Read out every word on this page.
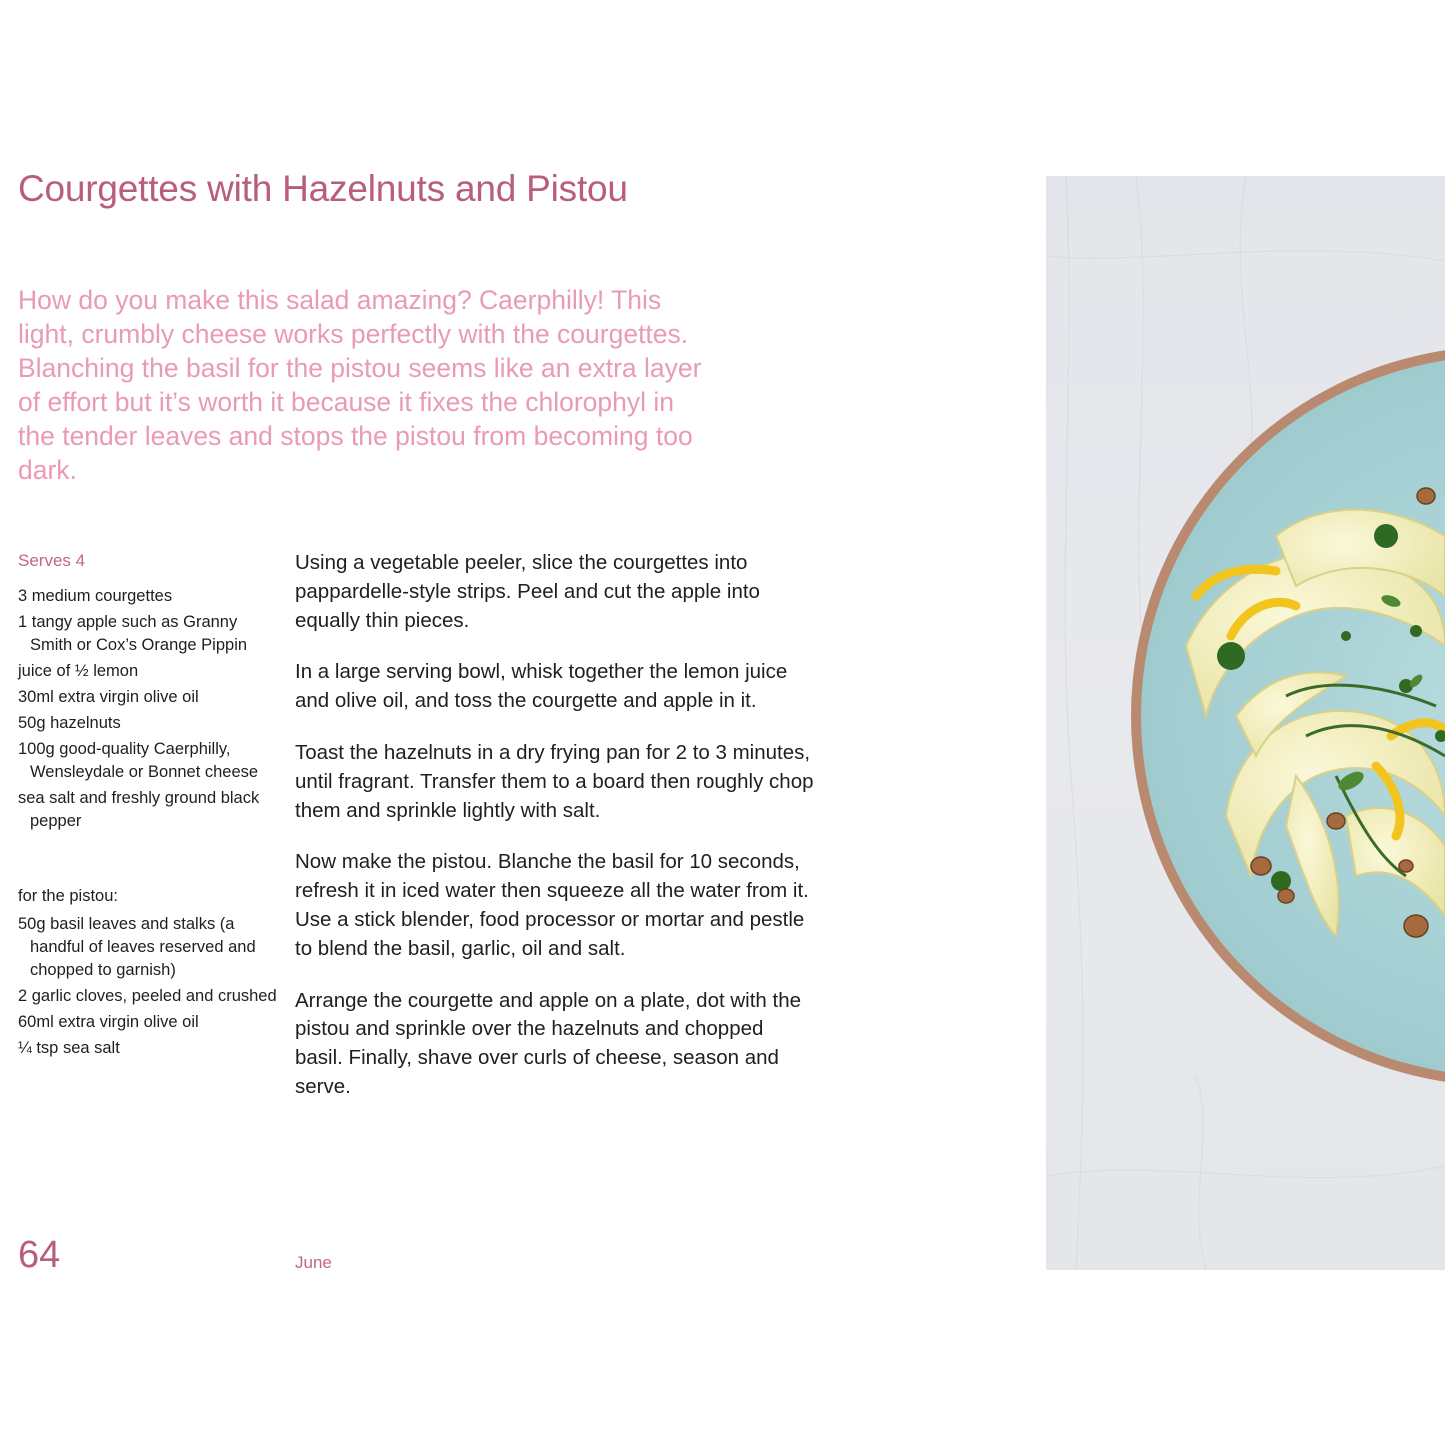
Courgettes with Hazelnuts and Pistou

How do you make this salad amazing? Caerphilly! This light, crumbly cheese works perfectly with the courgettes. Blanching the basil for the pistou seems like an extra layer of effort but it’s worth it because it fixes the chlorophyl in the tender leaves and stops the pistou from becoming too dark.

Serves 4
3 medium courgettes
1 tangy apple such as Granny Smith or Cox’s Orange Pippin
juice of ½ lemon
30ml extra virgin olive oil
50g hazelnuts
100g good-quality Caerphilly, Wensleydale or Bonnet cheese
sea salt and freshly ground black pepper
for the pistou:
50g basil leaves and stalks (a handful of leaves reserved and chopped to garnish)
2 garlic cloves, peeled and crushed
60ml extra virgin olive oil
¼ tsp sea salt

Using a vegetable peeler, slice the courgettes into pappardelle-style strips. Peel and cut the apple into equally thin pieces.

In a large serving bowl, whisk together the lemon juice and olive oil, and toss the courgette and apple in it.

Toast the hazelnuts in a dry frying pan for 2 to 3 minutes, until fragrant. Transfer them to a board then roughly chop them and sprinkle lightly with salt.

Now make the pistou. Blanche the basil for 10 seconds, refresh it in iced water then squeeze all the water from it. Use a stick blender, food processor or mortar and pestle to blend the basil, garlic, oil and salt.

Arrange the courgette and apple on a plate, dot with the pistou and sprinkle over the hazelnuts and chopped basil. Finally, shave over curls of cheese, season and serve.

64	June
